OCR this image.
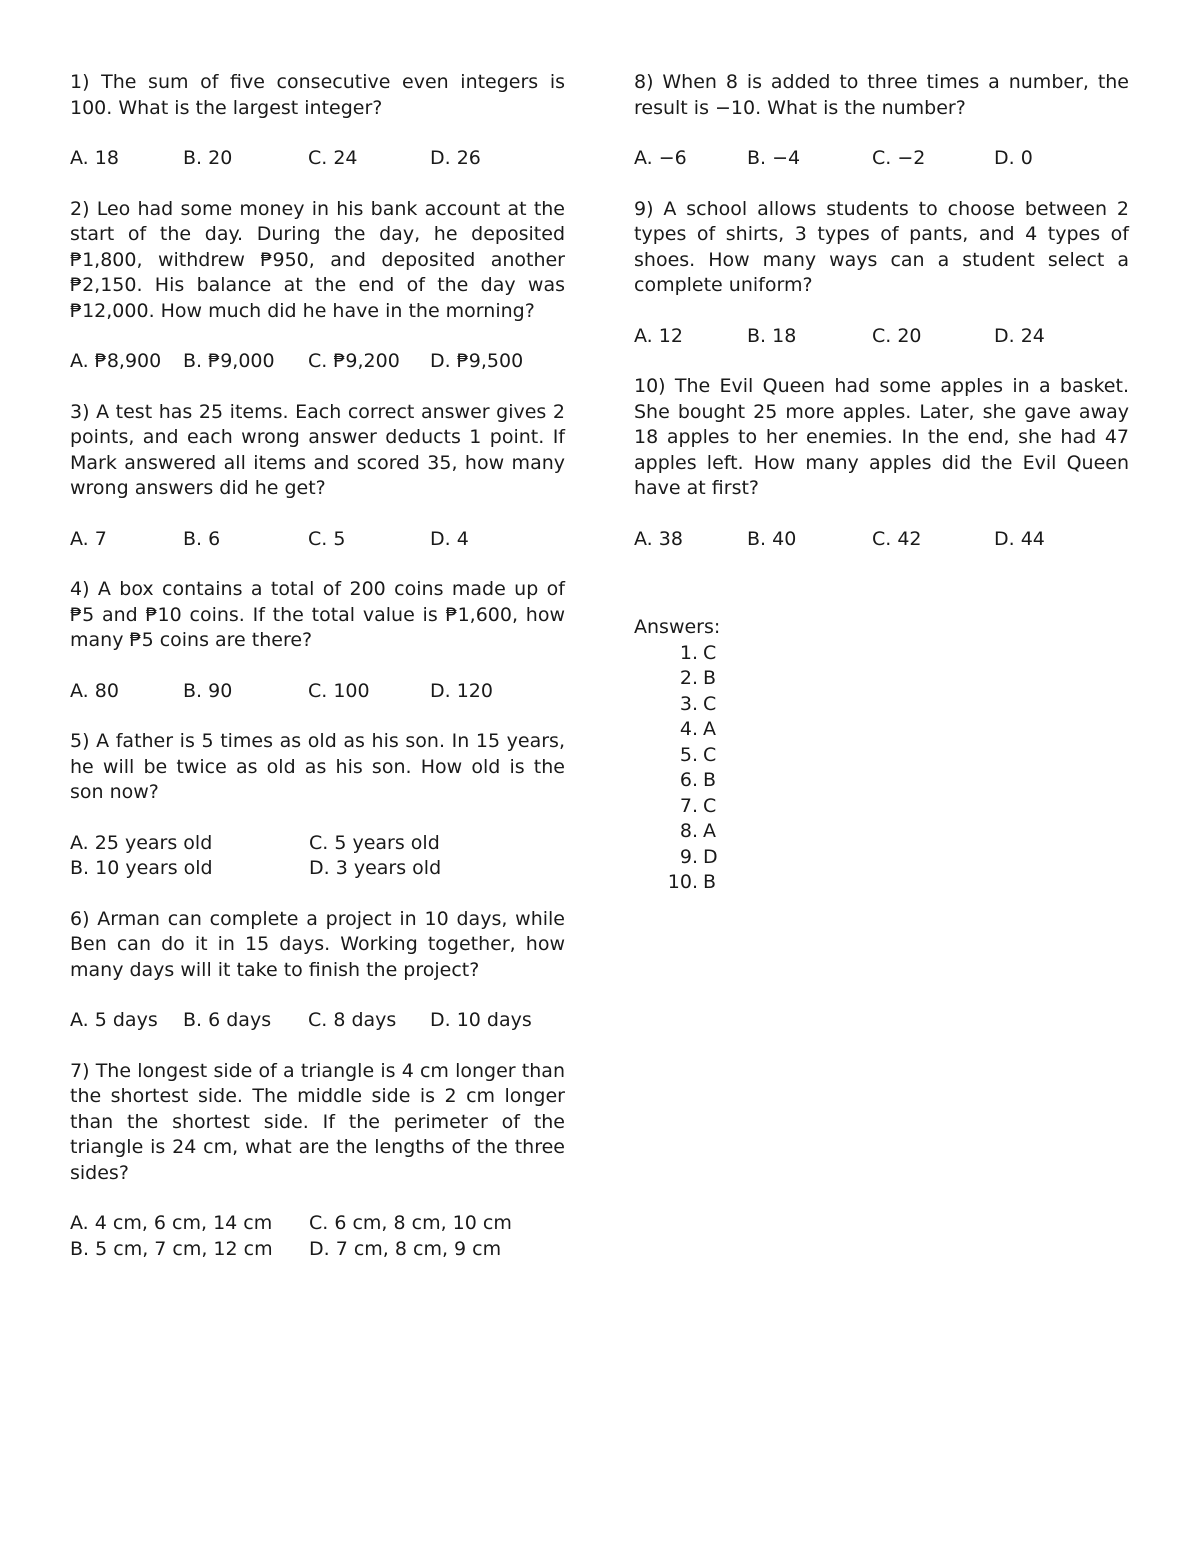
1) The sum of five consecutive even integers is 100. What is the largest integer?

A. 18	B. 20	C. 24	D. 26

2) Leo had some money in his bank account at the start of the day. During the day, he deposited ₱1,800, withdrew ₱950, and deposited another ₱2,150. His balance at the end of the day was ₱12,000. How much did he have in the morning?

A. ₱8,900	B. ₱9,000	C. ₱9,200	D. ₱9,500

3) A test has 25 items. Each correct answer gives 2 points, and each wrong answer deducts 1 point. If Mark answered all items and scored 35, how many wrong answers did he get?

A. 7	B. 6	C. 5	D. 4

4) A box contains a total of 200 coins made up of ₱5 and ₱10 coins. If the total value is ₱1,600, how many ₱5 coins are there?

A. 80	B. 90	C. 100	D. 120

5) A father is 5 times as old as his son. In 15 years, he will be twice as old as his son. How old is the son now?

A. 25 years old	C. 5 years old
B. 10 years old	D. 3 years old

6) Arman can complete a project in 10 days, while Ben can do it in 15 days. Working together, how many days will it take to finish the project?

A. 5 days	B. 6 days	C. 8 days	D. 10 days

7) The longest side of a triangle is 4 cm longer than the shortest side. The middle side is 2 cm longer than the shortest side. If the perimeter of the triangle is 24 cm, what are the lengths of the three sides?

A. 4 cm, 6 cm, 14 cm	C. 6 cm, 8 cm, 10 cm
B. 5 cm, 7 cm, 12 cm	D. 7 cm, 8 cm, 9 cm

8) When 8 is added to three times a number, the result is −10. What is the number?

A. −6	B. −4	C. −2	D. 0

9) A school allows students to choose between 2 types of shirts, 3 types of pants, and 4 types of shoes. How many ways can a student select a complete uniform?

A. 12	B. 18	C. 20	D. 24

10) The Evil Queen had some apples in a basket. She bought 25 more apples. Later, she gave away 18 apples to her enemies. In the end, she had 47 apples left. How many apples did the Evil Queen have at first?

A. 38	B. 40	C. 42	D. 44
Answers:
1. C
2. B
3. C
4. A
5. C
6. B
7. C
8. A
9. D
10. B
